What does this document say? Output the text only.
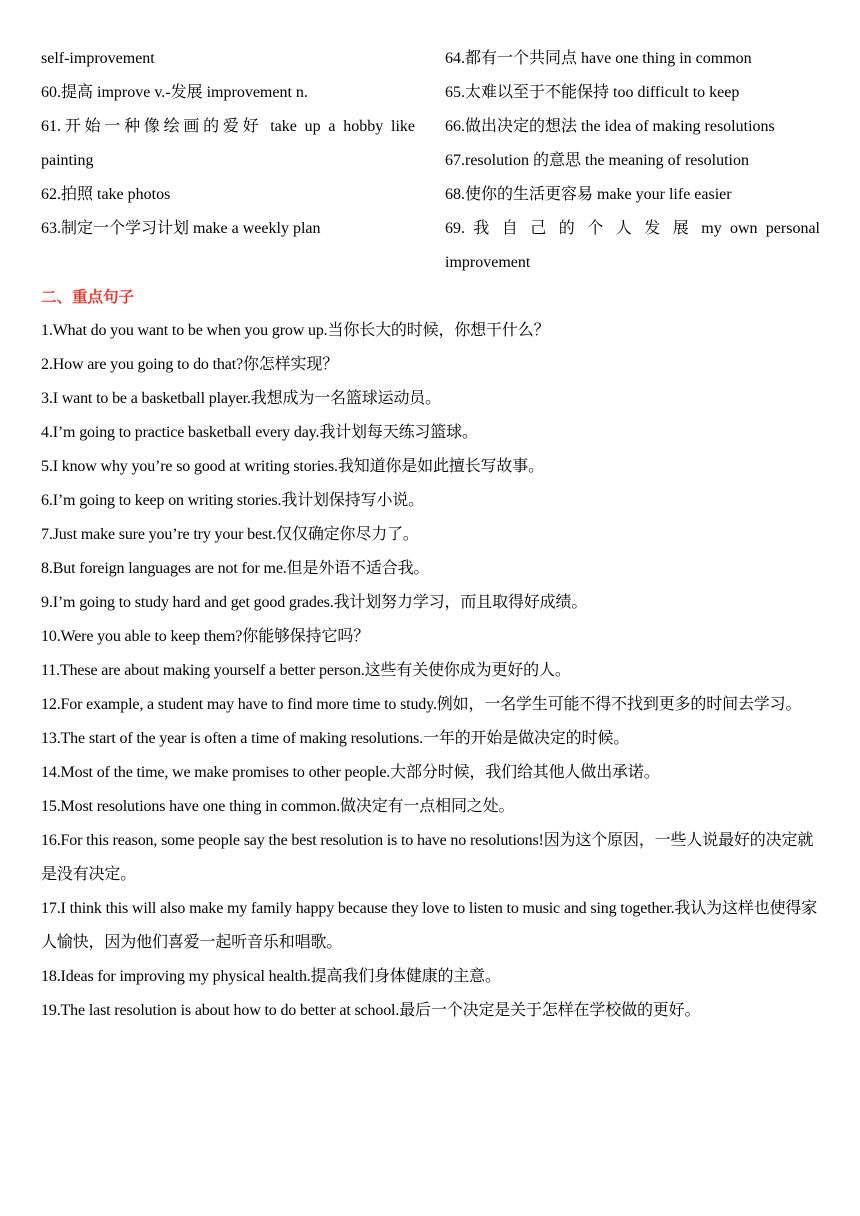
self-improvement
60.提高 improve v.-发展 improvement n.
61.开始一种像绘画的爱好 take up a hobby like
painting
62.拍照 take photos
63.制定一个学习计划 make a weekly plan
64.都有一个共同点 have one thing in common
65.太难以至于不能保持 too difficult to keep
66.做出决定的想法 the idea of making resolutions
67.resolution 的意思 the meaning of resolution
68.使你的生活更容易 make your life easier
69. 我 自 己 的 个 人 发 展 my own personal
improvement
二、重点句子
1.What do you want to be when you grow up.当你长大的时候，你想干什么？
2.How are you going to do that?你怎样实现？
3.I want to be a basketball player.我想成为一名篮球运动员。
4.I’m going to practice basketball every day.我计划每天练习篮球。
5.I know why you’re so good at writing stories.我知道你是如此擅长写故事。
6.I’m going to keep on writing stories.我计划保持写小说。
7.Just make sure you’re try your best.仅仅确定你尽力了。
8.But foreign languages are not for me.但是外语不适合我。
9.I’m going to study hard and get good grades.我计划努力学习，而且取得好成绩。
10.Were you able to keep them?你能够保持它吗？
11.These are about making yourself a better person.这些有关使你成为更好的人。
12.For example, a student may have to find more time to study.例如，一名学生可能不得不找到更多的时间去学习。
13.The start of the year is often a time of making resolutions.一年的开始是做决定的时候。
14.Most of the time, we make promises to other people.大部分时候，我们给其他人做出承诺。
15.Most resolutions have one thing in common.做决定有一点相同之处。
16.For this reason, some people say the best resolution is to have no resolutions!因为这个原因，一些人说最好的决定就是没有决定。
17.I think this will also make my family happy because they love to listen to music and sing together.我认为这样也使得家人愉快，因为他们喜爱一起听音乐和唱歌。
18.Ideas for improving my physical health.提高我们身体健康的主意。
19.The last resolution is about how to do better at school.最后一个决定是关于怎样在学校做的更好。
